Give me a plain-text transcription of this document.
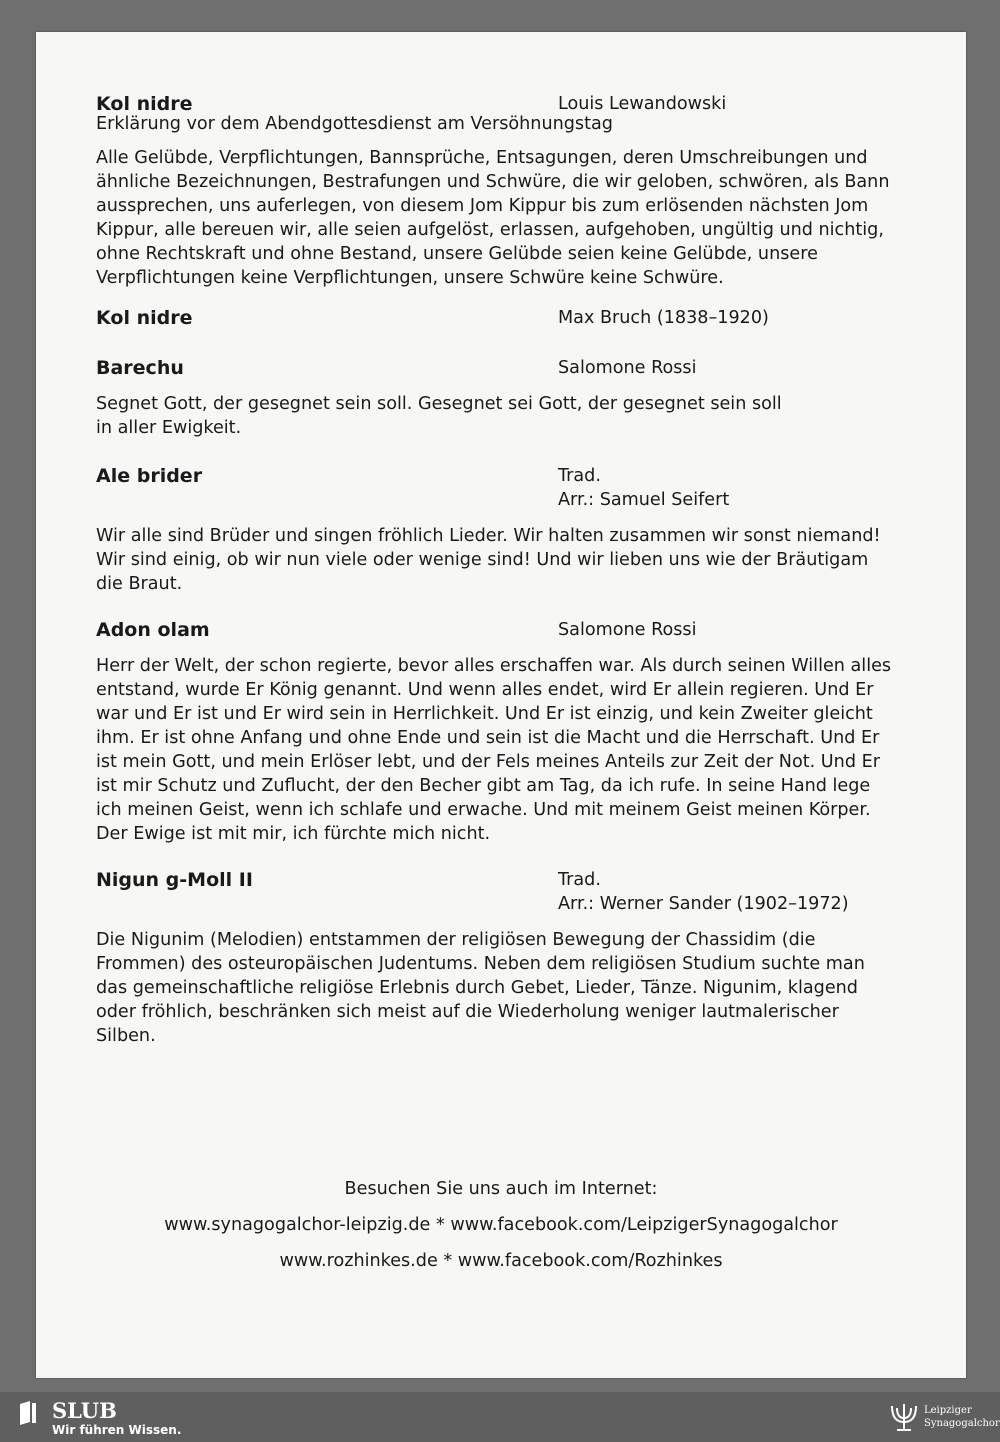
Kol nidre	Louis Lewandowski
Erklärung vor dem Abendgottesdienst am Versöhnungstag
Alle Gelübde, Verpflichtungen, Bannsprüche, Entsagungen, deren Umschreibungen und ähnliche Bezeichnungen, Bestrafungen und Schwüre, die wir geloben, schwören, als Bann aussprechen, uns auferlegen, von diesem Jom Kippur bis zum erlösenden nächsten Jom Kippur, alle bereuen wir, alle seien aufgelöst, erlassen, aufgehoben, ungültig und nichtig, ohne Rechtskraft und ohne Bestand, unsere Gelübde seien keine Gelübde, unsere Verpflichtungen keine Verpflichtungen, unsere Schwüre keine Schwüre.
Kol nidre	Max Bruch (1838–1920)
Barechu	Salomone Rossi
Segnet Gott, der gesegnet sein soll. Gesegnet sei Gott, der gesegnet sein soll in aller Ewigkeit.
Ale brider	Trad.
Arr.: Samuel Seifert
Wir alle sind Brüder und singen fröhlich Lieder. Wir halten zusammen wir sonst niemand! Wir sind einig, ob wir nun viele oder wenige sind! Und wir lieben uns wie der Bräutigam die Braut.
Adon olam	Salomone Rossi
Herr der Welt, der schon regierte, bevor alles erschaffen war. Als durch seinen Willen alles entstand, wurde Er König genannt. Und wenn alles endet, wird Er allein regieren. Und Er war und Er ist und Er wird sein in Herrlichkeit. Und Er ist einzig, und kein Zweiter gleicht ihm. Er ist ohne Anfang und ohne Ende und sein ist die Macht und die Herrschaft. Und Er ist mein Gott, und mein Erlöser lebt, und der Fels meines Anteils zur Zeit der Not. Und Er ist mir Schutz und Zuflucht, der den Becher gibt am Tag, da ich rufe. In seine Hand lege ich meinen Geist, wenn ich schlafe und erwache. Und mit meinem Geist meinen Körper. Der Ewige ist mit mir, ich fürchte mich nicht.
Nigun g-Moll II	Trad.
Arr.: Werner Sander (1902–1972)
Die Nigunim (Melodien) entstammen der religiösen Bewegung der Chassidim (die Frommen) des osteuropäischen Judentums. Neben dem religiösen Studium suchte man das gemeinschaftliche religiöse Erlebnis durch Gebet, Lieder, Tänze. Nigunim, klagend oder fröhlich, beschränken sich meist auf die Wiederholung weniger lautmalerischer Silben.
Besuchen Sie uns auch im Internet:
www.synagogalchor-leipzig.de * www.facebook.com/LeipzigerSynagogalchor
www.rozhinkes.de * www.facebook.com/Rozhinkes
SLUB
Wir führen Wissen.
Leipziger
Synagogalchor
